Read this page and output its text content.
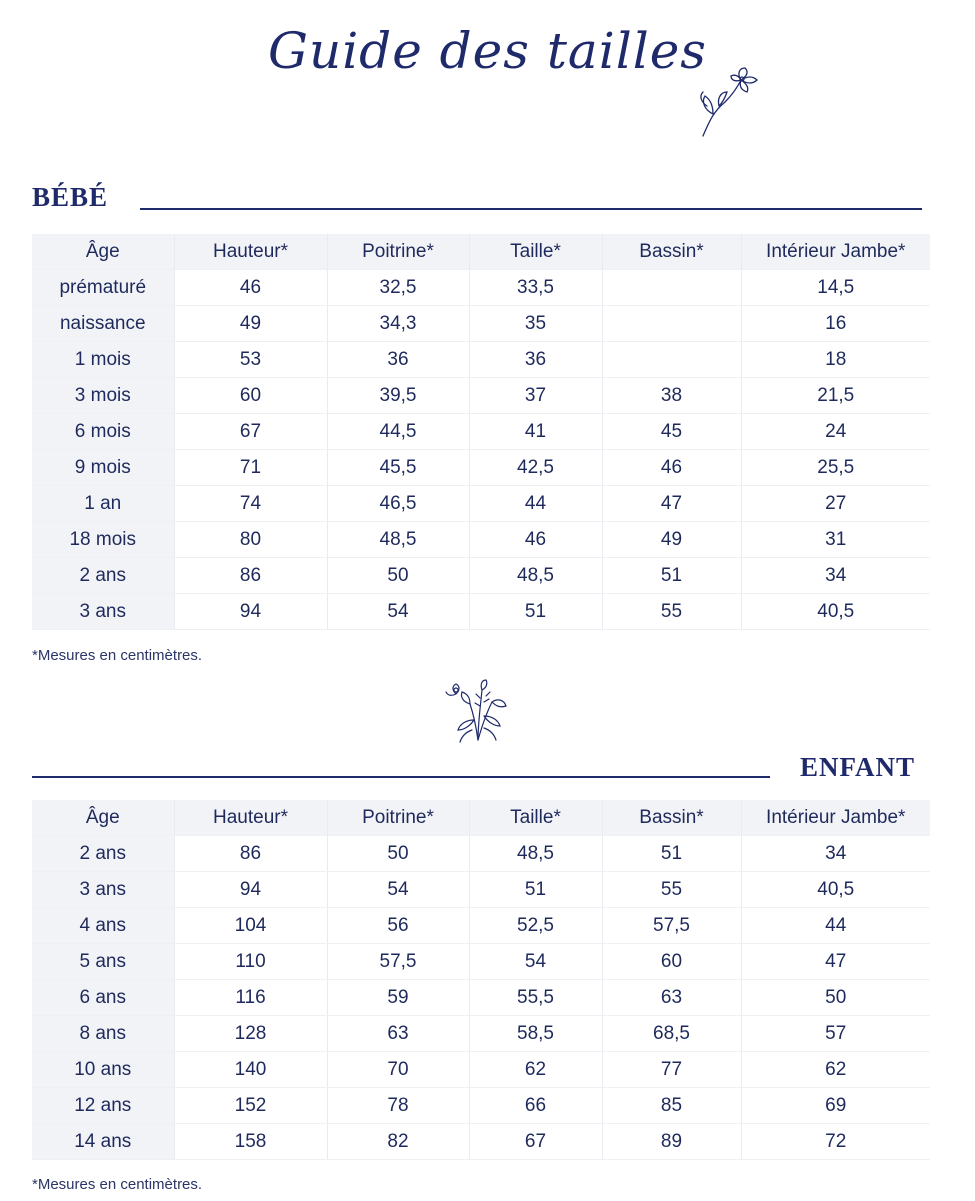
Guide des tailles
BÉBÉ
Âge	Hauteur*	Poitrine*	Taille*	Bassin*	Intérieur Jambe*
prématuré	46	32,5	33,5		14,5
naissance	49	34,3	35		16
1 mois	53	36	36		18
3 mois	60	39,5	37	38	21,5
6 mois	67	44,5	41	45	24
9 mois	71	45,5	42,5	46	25,5
1 an	74	46,5	44	47	27
18 mois	80	48,5	46	49	31
2 ans	86	50	48,5	51	34
3 ans	94	54	51	55	40,5
*Mesures en centimètres.
ENFANT
Âge	Hauteur*	Poitrine*	Taille*	Bassin*	Intérieur Jambe*
2 ans	86	50	48,5	51	34
3 ans	94	54	51	55	40,5
4 ans	104	56	52,5	57,5	44
5 ans	110	57,5	54	60	47
6 ans	116	59	55,5	63	50
8 ans	128	63	58,5	68,5	57
10 ans	140	70	62	77	62
12 ans	152	78	66	85	69
14 ans	158	82	67	89	72
*Mesures en centimètres.
